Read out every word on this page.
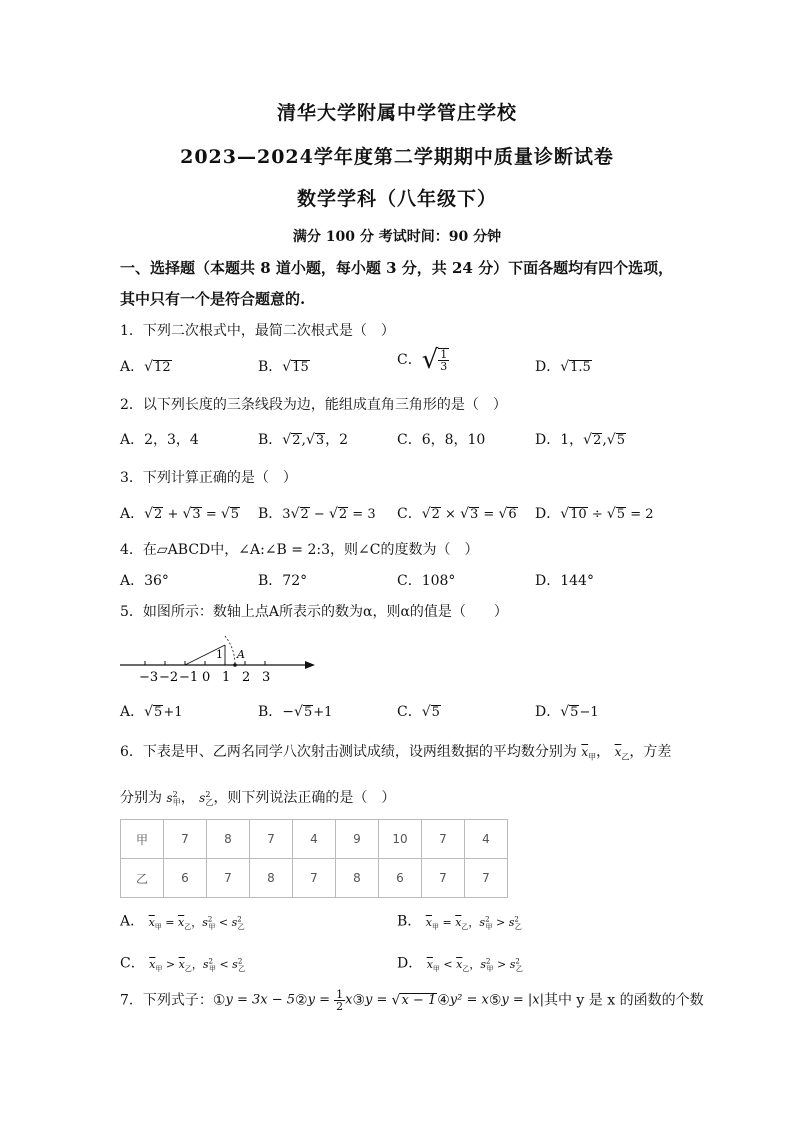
清华大学附属中学管庄学校
2023—2024学年度第二学期期中质量诊断试卷
数学学科（八年级下）
满分 100 分 考试时间：90 分钟
一、选择题（本题共 8 道小题，每小题 3 分，共 24 分）下面各题均有四个选项，
其中只有一个是符合题意的.
1．下列二次根式中，最简二次根式是（　）
A．√12	B．√15	C．√ $\frac{1}{3}$	D．√1.5
2．以下列长度的三条线段为边，能组成直角三角形的是（　）
A．2，3，4	B．√2,√3，2	C．6，8，10	D．1，√2,√5
3．下列计算正确的是（　）
A．√2 + √3 = √5 B．3√2 − √2 = 3 C．√2 × √3 = √6 D．√10 ÷ √5 = 2
4．在▱ABCD中，∠A:∠B = 2:3，则∠C的度数为（　）
A．36°	B．72°	C．108°	D．144°
5．如图所示：数轴上点A所表示的数为α，则α的值是（　　）
1 A
−3 −2 −1 0 1 2 3
A．√5+1	B．−√5+1	C．√5	D．√5−1
6．下表是甲、乙两名同学八次射击测试成绩，设两组数据的平均数分别为 $\overline{x}_甲$， $\overline{x}_乙$，方差
分别为 $s^2_甲$， $s^2_乙$，则下列说法正确的是（　）
甲	7	8	7	4	9	10	7	4
乙	6	7	8	7	8	6	7	7
A． $\overline{x}_甲 = \overline{x}_乙$，$s^2_甲 < s^2_乙$	B． $\overline{x}_甲 = \overline{x}_乙$，$s^2_甲 > s^2_乙$
C． $\overline{x}_甲 > \overline{x}_乙$，$s^2_甲 < s^2_乙$	D． $\overline{x}_甲 < \overline{x}_乙$，$s^2_甲 > s^2_乙$
7．下列式子：①y = 3x − 5②y = $\frac{1}{2}$ x③y = √x − 1④y² = x⑤y = |x|其中 y 是 x 的函数的个数
